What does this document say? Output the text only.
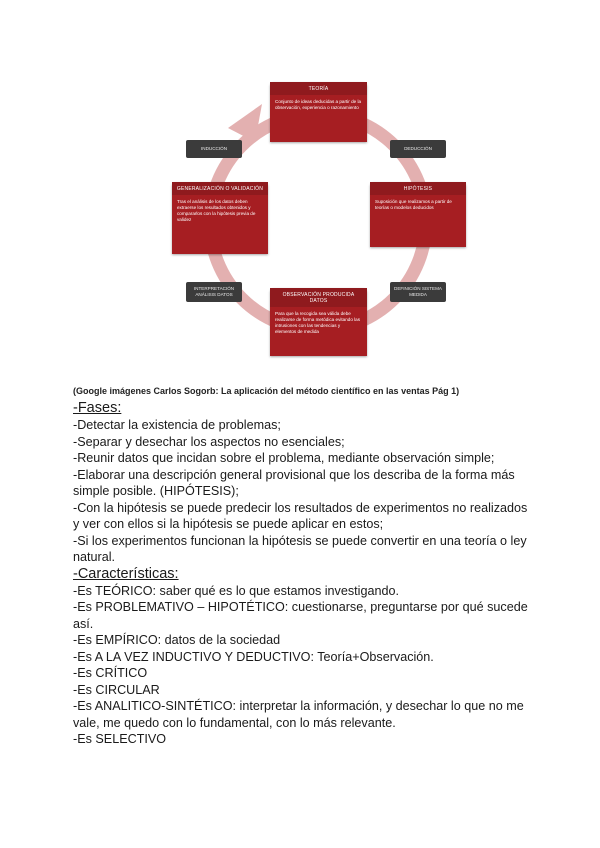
TEORÍA
Conjunto de ideas deducidas a partir de la observación, experiencia o razonamiento
HIPÓTESIS
Suposición que realizamos a partir de teorías o modelos deducidos
OBSERVACIÓN PRODUCIDA DATOS
Para que la recogida sea válida debe realizarse de forma metódica evitando las intrusiones con las tendencias y elementos de medida
GENERALIZACIÓN O VALIDACIÓN
Tras el análisis de los datos deben extraerse los resultados obtenidos y compararlos con la hipótesis previa de validez
INDUCCIÓN	DEDUCCIÓN
DEFINICIÓN SISTEMA MEDIDA
INTERPRETACIÓN ANÁLISIS DATOS
(Google imágenes Carlos Sogorb: La aplicación del método científico en las ventas Pág 1)

-Fases:

-Detectar la existencia de problemas;

-Separar y desechar los aspectos no esenciales;

-Reunir datos que incidan sobre el problema, mediante observación simple;

-Elaborar una descripción general provisional que los describa de la forma más simple posible. (HIPÓTESIS);

-Con la hipótesis se puede predecir los resultados de experimentos no realizados y ver con ellos si la hipótesis se puede aplicar en estos;

-Si los experimentos funcionan la hipótesis se puede convertir en una teoría o ley natural.

-Características:

-Es TEÓRICO: saber qué es lo que estamos investigando.

-Es PROBLEMATIVO – HIPOTÉTICO: cuestionarse, preguntarse por qué sucede así.

-Es EMPÍRICO: datos de la sociedad

-Es A LA VEZ INDUCTIVO Y DEDUCTIVO: Teoría+Observación.

-Es CRÍTICO

-Es CIRCULAR

-Es ANALITICO-SINTÉTICO: interpretar la información, y desechar lo que no me vale, me quedo con lo fundamental, con lo más relevante.

-Es SELECTIVO
